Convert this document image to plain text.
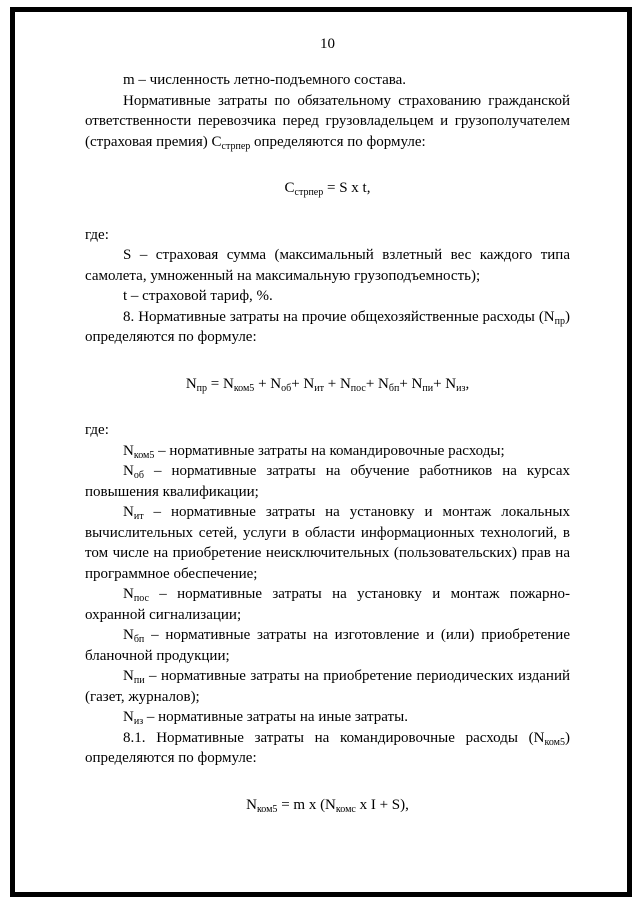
10

m – численность летно-подъемного состава.

Нормативные затраты по обязательному страхованию гражданской ответственности перевозчика перед грузовладельцем и грузополучателем (страховая премия) $C_{стрпер}$ определяются по формуле:

$C_{стрпер} = S$ x t,

где:

S – страховая сумма (максимальный взлетный вес каждого типа самолета, умноженный на максимальную грузоподъемность);

t – страховой тариф, %.

8. Нормативные затраты на прочие общехозяйственные расходы $(N_{пр})$ определяются по формуле:

$N_{пр} = N_{ком5} + N_{об}+ N_{ит} + N_{пос}+ N_{бп}+ N_{пи}+ N_{из}$,

где:

$N_{ком5}$ – нормативные затраты на командировочные расходы;

$N_{об}$ – нормативные затраты на обучение работников на курсах повышения квалификации;

$N_{ит}$ – нормативные затраты на установку и монтаж локальных вычислительных сетей, услуги в области информационных технологий, в том числе на приобретение неисключительных (пользовательских) прав на программное обеспечение;

$N_{пос}$ – нормативные затраты на установку и монтаж пожарно-охранной сигнализации;

$N_{бп}$ – нормативные затраты на изготовление и (или) приобретение бланочной продукции;

$N_{пи}$ – нормативные затраты на приобретение периодических изданий (газет, журналов);

$N_{из}$ – нормативные затраты на иные затраты.

8.1. Нормативные затраты на командировочные расходы $(N_{ком5})$ определяются по формуле:

$N_{ком5} = m$ x ($N_{комс}$ x I + S),
